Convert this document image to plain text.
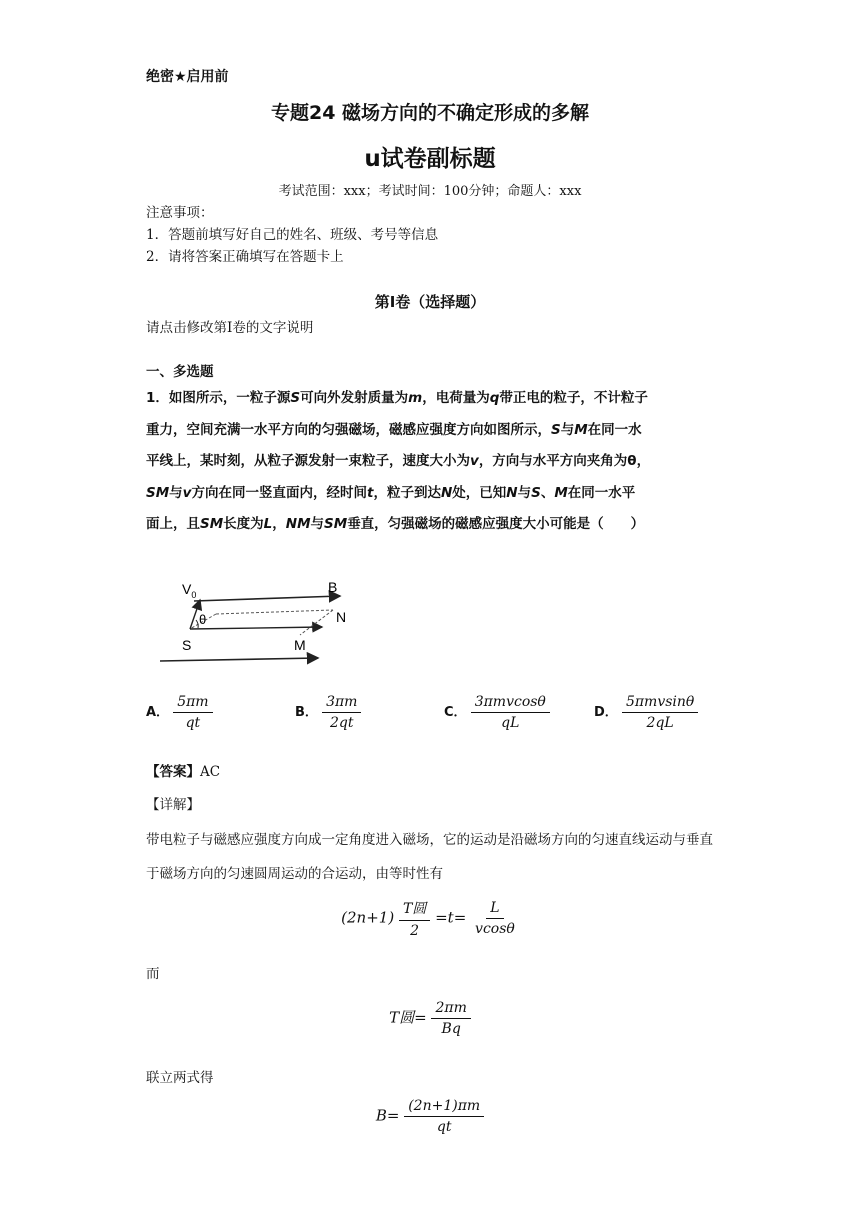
绝密★启用前
专题24 磁场方向的不确定形成的多解
u试卷副标题
考试范围：xxx；考试时间：100分钟；命题人：xxx
注意事项：
1．答题前填写好自己的姓名、班级、考号等信息
2．请将答案正确填写在答题卡上
第I卷（选择题）
请点击修改第I卷的文字说明
一、多选题
1．如图所示，一粒子源S可向外发射质量为m，电荷量为q带正电的粒子，不计粒子
重力，空间充满一水平方向的匀强磁场，磁感应强度方向如图所示，S与M在同一水
平线上，某时刻，从粒子源发射一束粒子，速度大小为v，方向与水平方向夹角为θ，
SM与v方向在同一竖直面内，经时间t，粒子到达N处，已知N与S、M在同一水平
面上，且SM长度为L，NM与SM垂直，匀强磁场的磁感应强度大小可能是（　　）
$V_0$
θ
S
B
N
M
A． $\frac{5\pi m}{qt}$	B． $\frac{3\pi m}{2qt}$	C． $\frac{\text{3πmvcosθ}}{qL}$	D． $\frac{\text{5πmvsinθ}}{2qL}$
【答案】AC
【详解】
带电粒子与磁感应强度方向成一定角度进入磁场，它的运动是沿磁场方向的匀速直线运动与垂直于磁场方向的匀速圆周运动的合运动，由等时性有
$(2n+1) \frac{\text{T圆}}{2} =t= \frac{L}{vcos\theta}$
而
T圆= $\frac{2\pi m}{Bq}$
联立两式得
$B= \frac{(2n+1)\pi m}{qt}$
